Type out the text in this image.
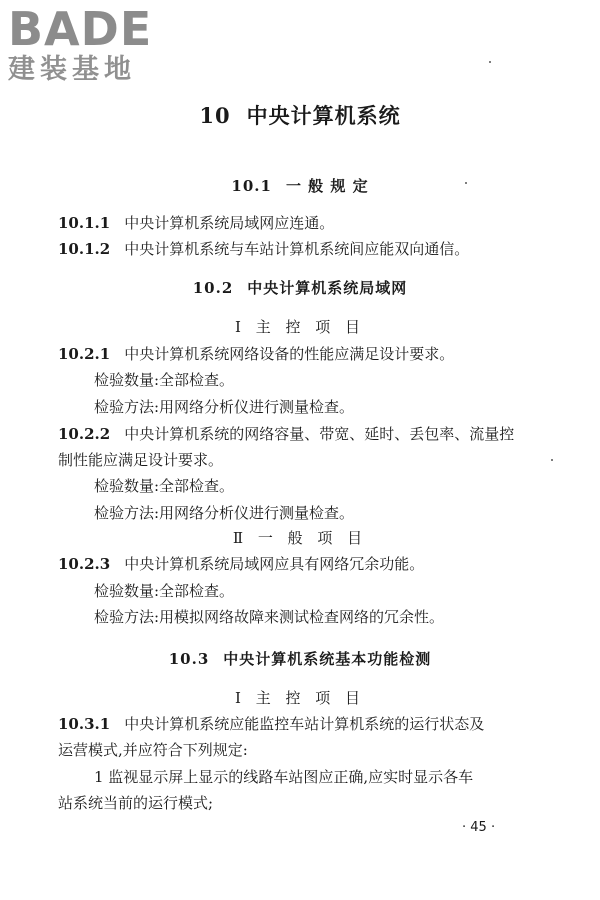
BADE
建装基地
10 中央计算机系统
10.1 一 般 规 定
10.1.1 中央计算机系统局域网应连通。
10.1.2 中央计算机系统与车站计算机系统间应能双向通信。
10.2 中央计算机系统局域网
Ⅰ 主 控 项 目
10.2.1 中央计算机系统网络设备的性能应满足设计要求。
检验数量:全部检查。
检验方法:用网络分析仪进行测量检查。
10.2.2 中央计算机系统的网络容量、带宽、延时、丢包率、流量控
制性能应满足设计要求。
检验数量:全部检查。
检验方法:用网络分析仪进行测量检查。
Ⅱ 一 般 项 目
10.2.3 中央计算机系统局域网应具有网络冗余功能。
检验数量:全部检查。
检验方法:用模拟网络故障来测试检查网络的冗余性。
10.3 中央计算机系统基本功能检测
Ⅰ 主 控 项 目
10.3.1 中央计算机系统应能监控车站计算机系统的运行状态及
运营模式,并应符合下列规定:
1 监视显示屏上显示的线路车站图应正确,应实时显示各车
站系统当前的运行模式;
· 45 ·
